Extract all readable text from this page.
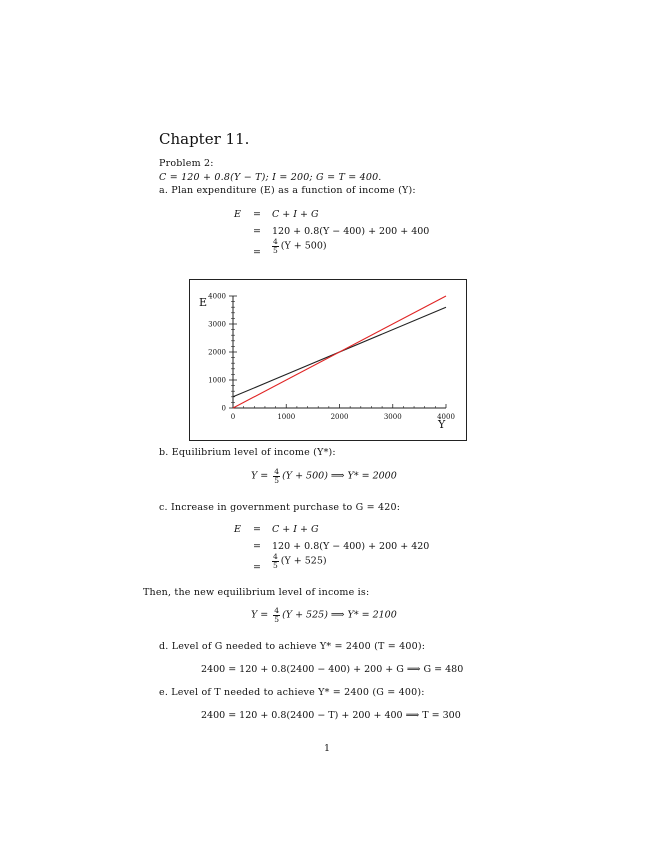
Chapter 11.
Problem 2:
C = 120 + 0.8(Y − T); I = 200; G = T = 400.
a. Plan expenditure (E) as a function of income (Y):
E = C + I + G
= 120 + 0.8(Y − 400) + 200 + 400
= $\frac{4}{5} (Y + 500)$
0	1000	2000	3000	4000
0
1000
2000
3000
4000
E
Y
b. Equilibrium level of income (Y*):
$Y = \frac{4}{5} (Y + 500)$ ⟹ Y* = 2000
c. Increase in government purchase to G = 420:
E = C + I + G
= 120 + 0.8(Y − 400) + 200 + 420
= $\frac{4}{5} (Y + 525)$
Then, the new equilibrium level of income is:
$Y = \frac{4}{5} (Y + 525)$ ⟹ Y* = 2100
d. Level of G needed to achieve Y* = 2400 (T = 400):
2400 = 120 + 0.8(2400 − 400) + 200 + G ⟹ G = 480
e. Level of T needed to achieve Y* = 2400 (G = 400):
2400 = 120 + 0.8(2400 − T) + 200 + 400 ⟹ T = 300
1
